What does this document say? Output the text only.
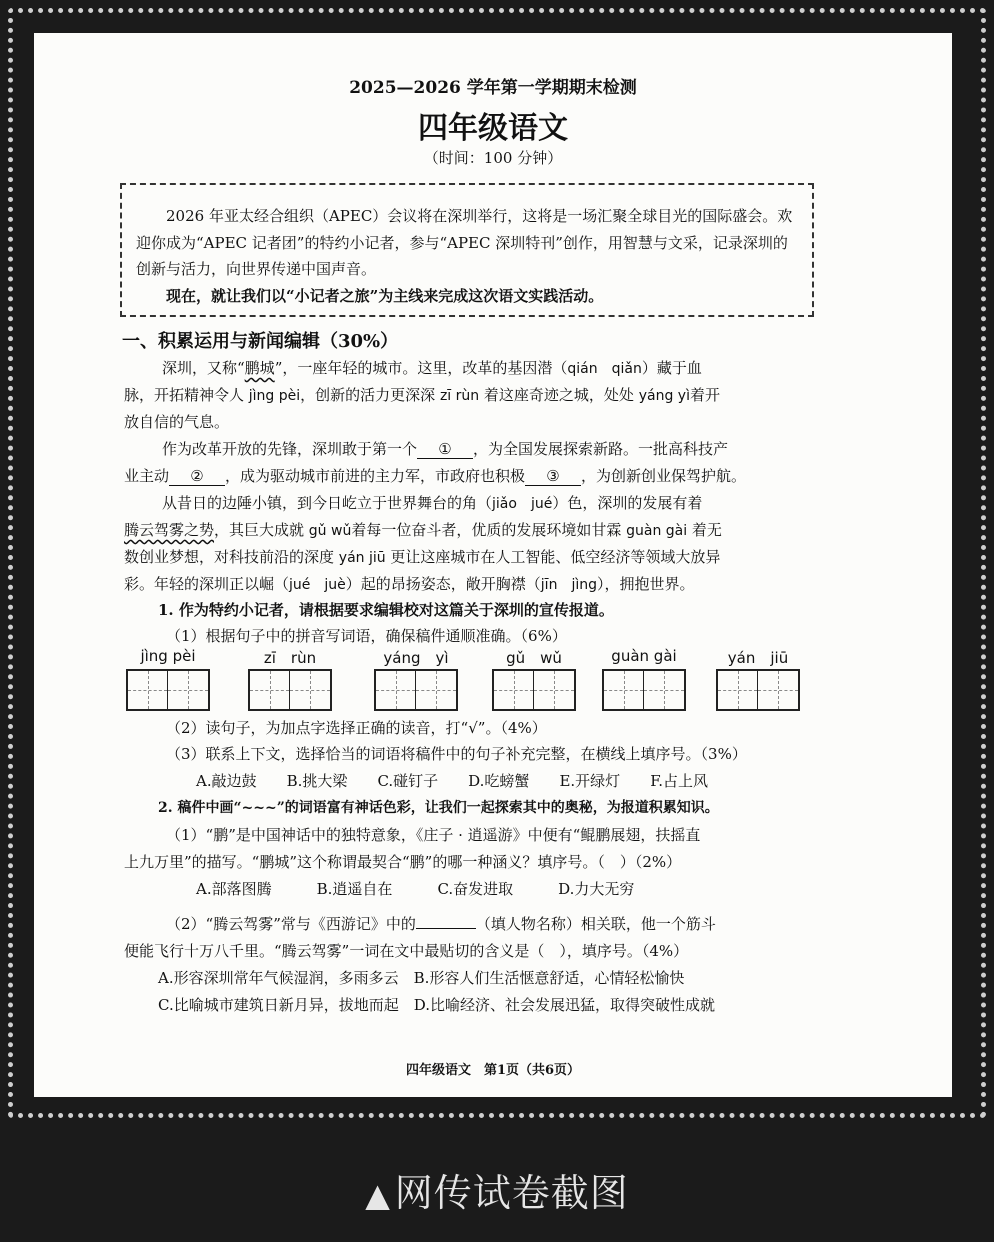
2025—2026 学年第一学期期末检测
四年级语文
（时间：100 分钟）

2026 年亚太经合组织（APEC）会议将在深圳举行，这将是一场汇聚全球目光的国际盛会。欢迎你成为“APEC 记者团”的特约小记者，参与“APEC 深圳特刊”创作，用智慧与文采，记录深圳的创新与活力，向世界传递中国声音。

现在，就让我们以“小记者之旅”为主线来完成这次语文实践活动。

一、积累运用与新闻编辑（30%）
深圳，又称“鹏城”，一座年轻的城市。这里，改革的基因潜（qián　qiǎn）藏于血
脉，开拓精神令人 jìng pèi，创新的活力更深深 zī rùn 着这座奇迹之城，处处 yáng yì着开
放自信的气息。
作为改革开放的先锋，深圳敢于第一个 ① ，为全国发展探索新路。一批高科技产
业主动 ② ，成为驱动城市前进的主力军，市政府也积极 ③ ，为创新创业保驾护航。
从昔日的边陲小镇，到今日屹立于世界舞台的角（jiǎo　jué）色，深圳的发展有着
腾云驾雾之势，其巨大成就 gǔ wǔ着每一位奋斗者，优质的发展环境如甘霖 guàn gài 着无
数创业梦想，对科技前沿的深度 yán jiū 更让这座城市在人工智能、低空经济等领域大放异
彩。年轻的深圳正以崛（jué　juè）起的昂扬姿态，敞开胸襟（jīn　jìng），拥抱世界。
1. 作为特约小记者，请根据要求编辑校对这篇关于深圳的宣传报道。
（1）根据句子中的拼音写词语，确保稿件通顺准确。（6%）
jìng pèi	zī　rùn	yáng　yì	gǔ　wǔ	guàn gài	yán　jiū
（2）读句子，为加点字选择正确的读音，打“√”。（4%）
（3）联系上下文，选择恰当的词语将稿件中的句子补充完整，在横线上填序号。（3%）
A.敲边鼓　　 B.挑大梁　　 C.碰钉子　　 D.吃螃蟹　　 E.开绿灯　　 F.占上风
2. 稿件中画“~~~”的词语富有神话色彩，让我们一起探索其中的奥秘，为报道积累知识。
（1）“鹏”是中国神话中的独特意象，《庄子 · 逍遥游》中便有“鲲鹏展翅，扶摇直
上九万里”的描写。“鹏城”这个称谓最契合“鹏”的哪一种涵义？填序号。（　）（2%）
A.部落图腾　　　	B.逍遥自在　　　	C.奋发进取　　　	D.力大无穷
（2）“腾云驾雾”常与《西游记》中的	（填人物名称）相关联，他一个筋斗
便能飞行十万八千里。“腾云驾雾”一词在文中最贴切的含义是（　），填序号。（4%）
A.形容深圳常年气候湿润，多雨多云　 B.形容人们生活惬意舒适，心情轻松愉快
C.比喻城市建筑日新月异，拔地而起　 D.比喻经济、社会发展迅猛，取得突破性成就
四年级语文　第1页（共6页）
▲ 网传试卷截图
